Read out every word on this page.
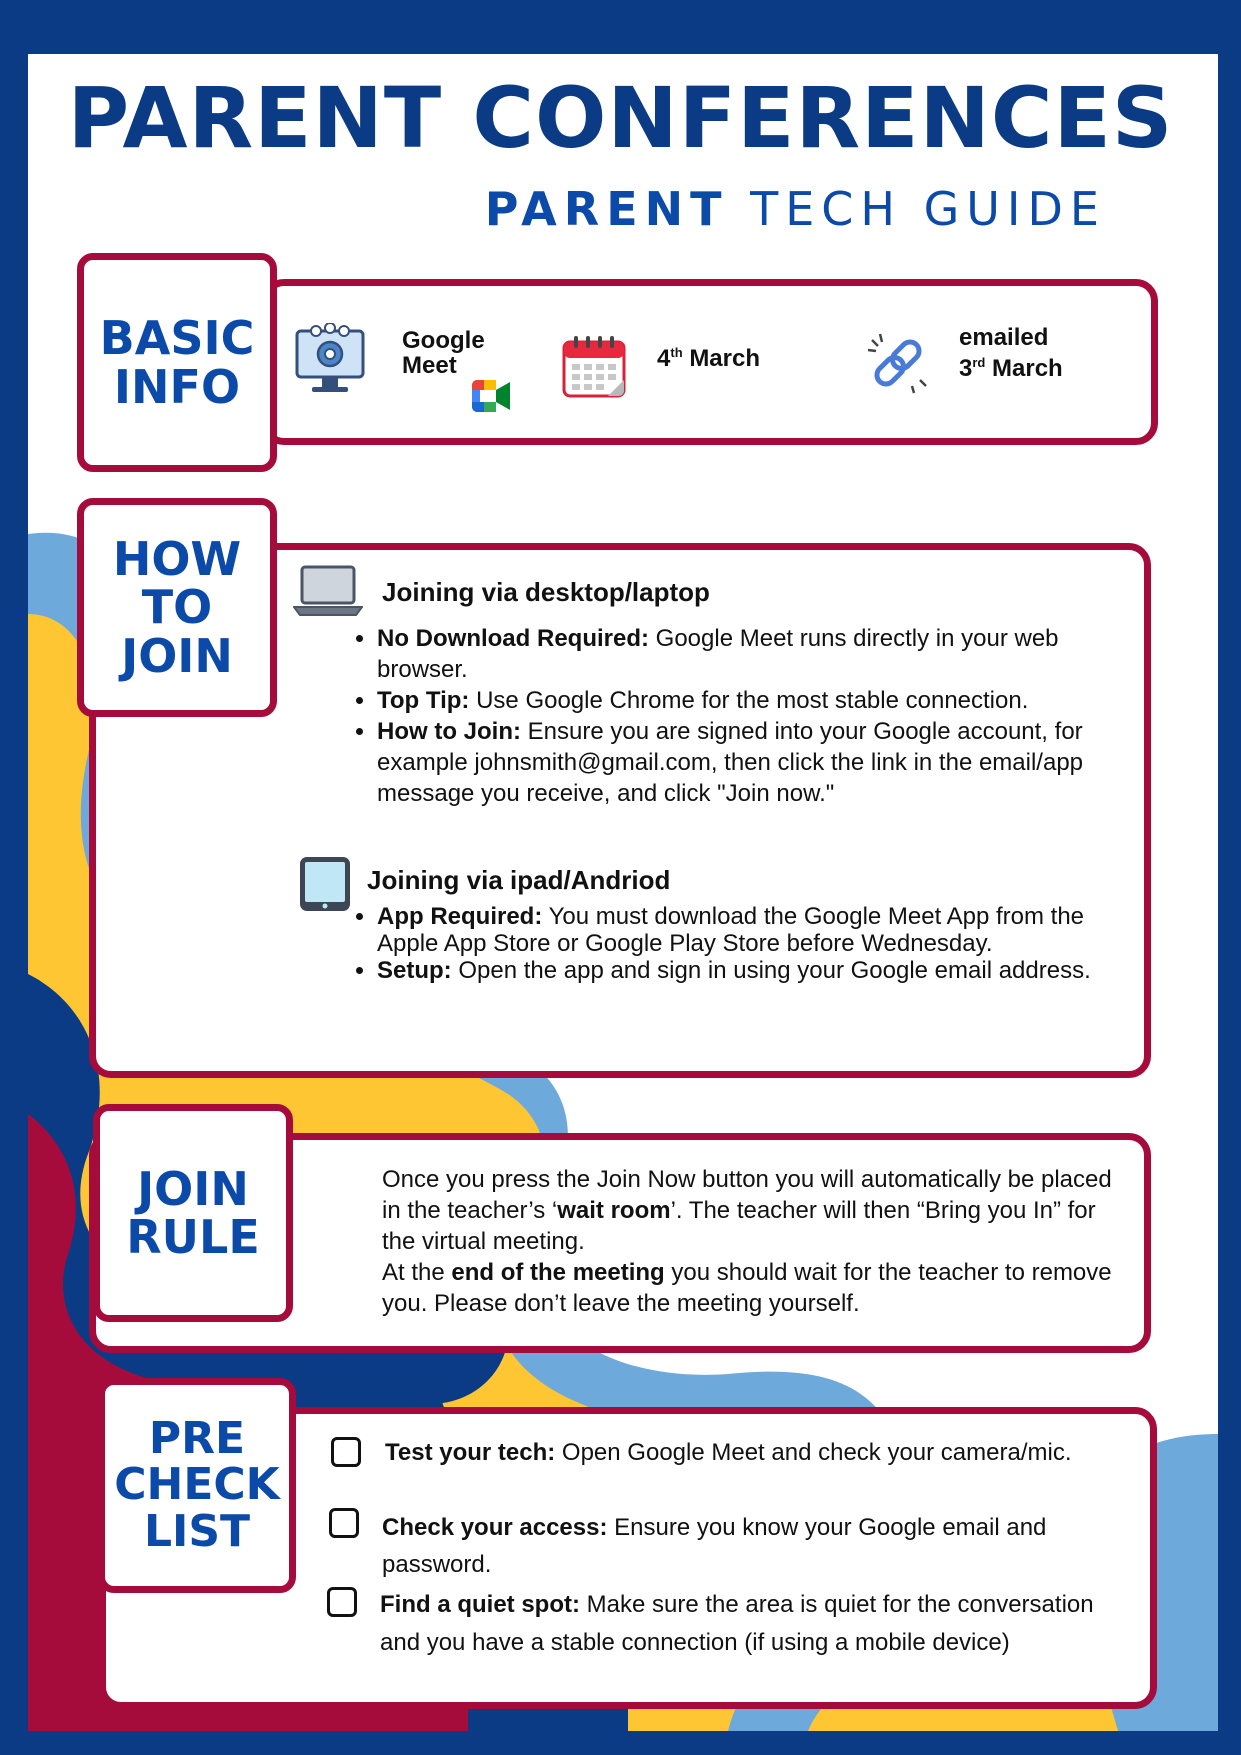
PARENT CONFERENCES
PARENT TECH GUIDE
BASIC
INFO
Google
Meet	4th March
emailed
3rd March
HOW
TO
JOIN
Joining via desktop/laptop
• No Download Required: Google Meet runs directly in your web browser.
• Top Tip: Use Google Chrome for the most stable connection.
• How to Join: Ensure you are signed into your Google account, for example johnsmith@gmail.com, then click the link in the email/app message you receive, and click "Join now."
Joining via ipad/Andriod
• App Required: You must download the Google Meet App from the Apple App Store or Google Play Store before Wednesday.
• Setup: Open the app and sign in using your Google email address.
JOIN
RULE
Once you press the Join Now button you will automatically be placed in the teacher’s ‘wait room’. The teacher will then “Bring you In” for the virtual meeting.
At the end of the meeting you should wait for the teacher to remove you. Please don’t leave the meeting yourself.
PRE
CHECK
LIST
Test your tech: Open Google Meet and check your camera/mic.
Check your access: Ensure you know your Google email and password.
Find a quiet spot: Make sure the area is quiet for the conversation and you have a stable connection (if using a mobile device)
